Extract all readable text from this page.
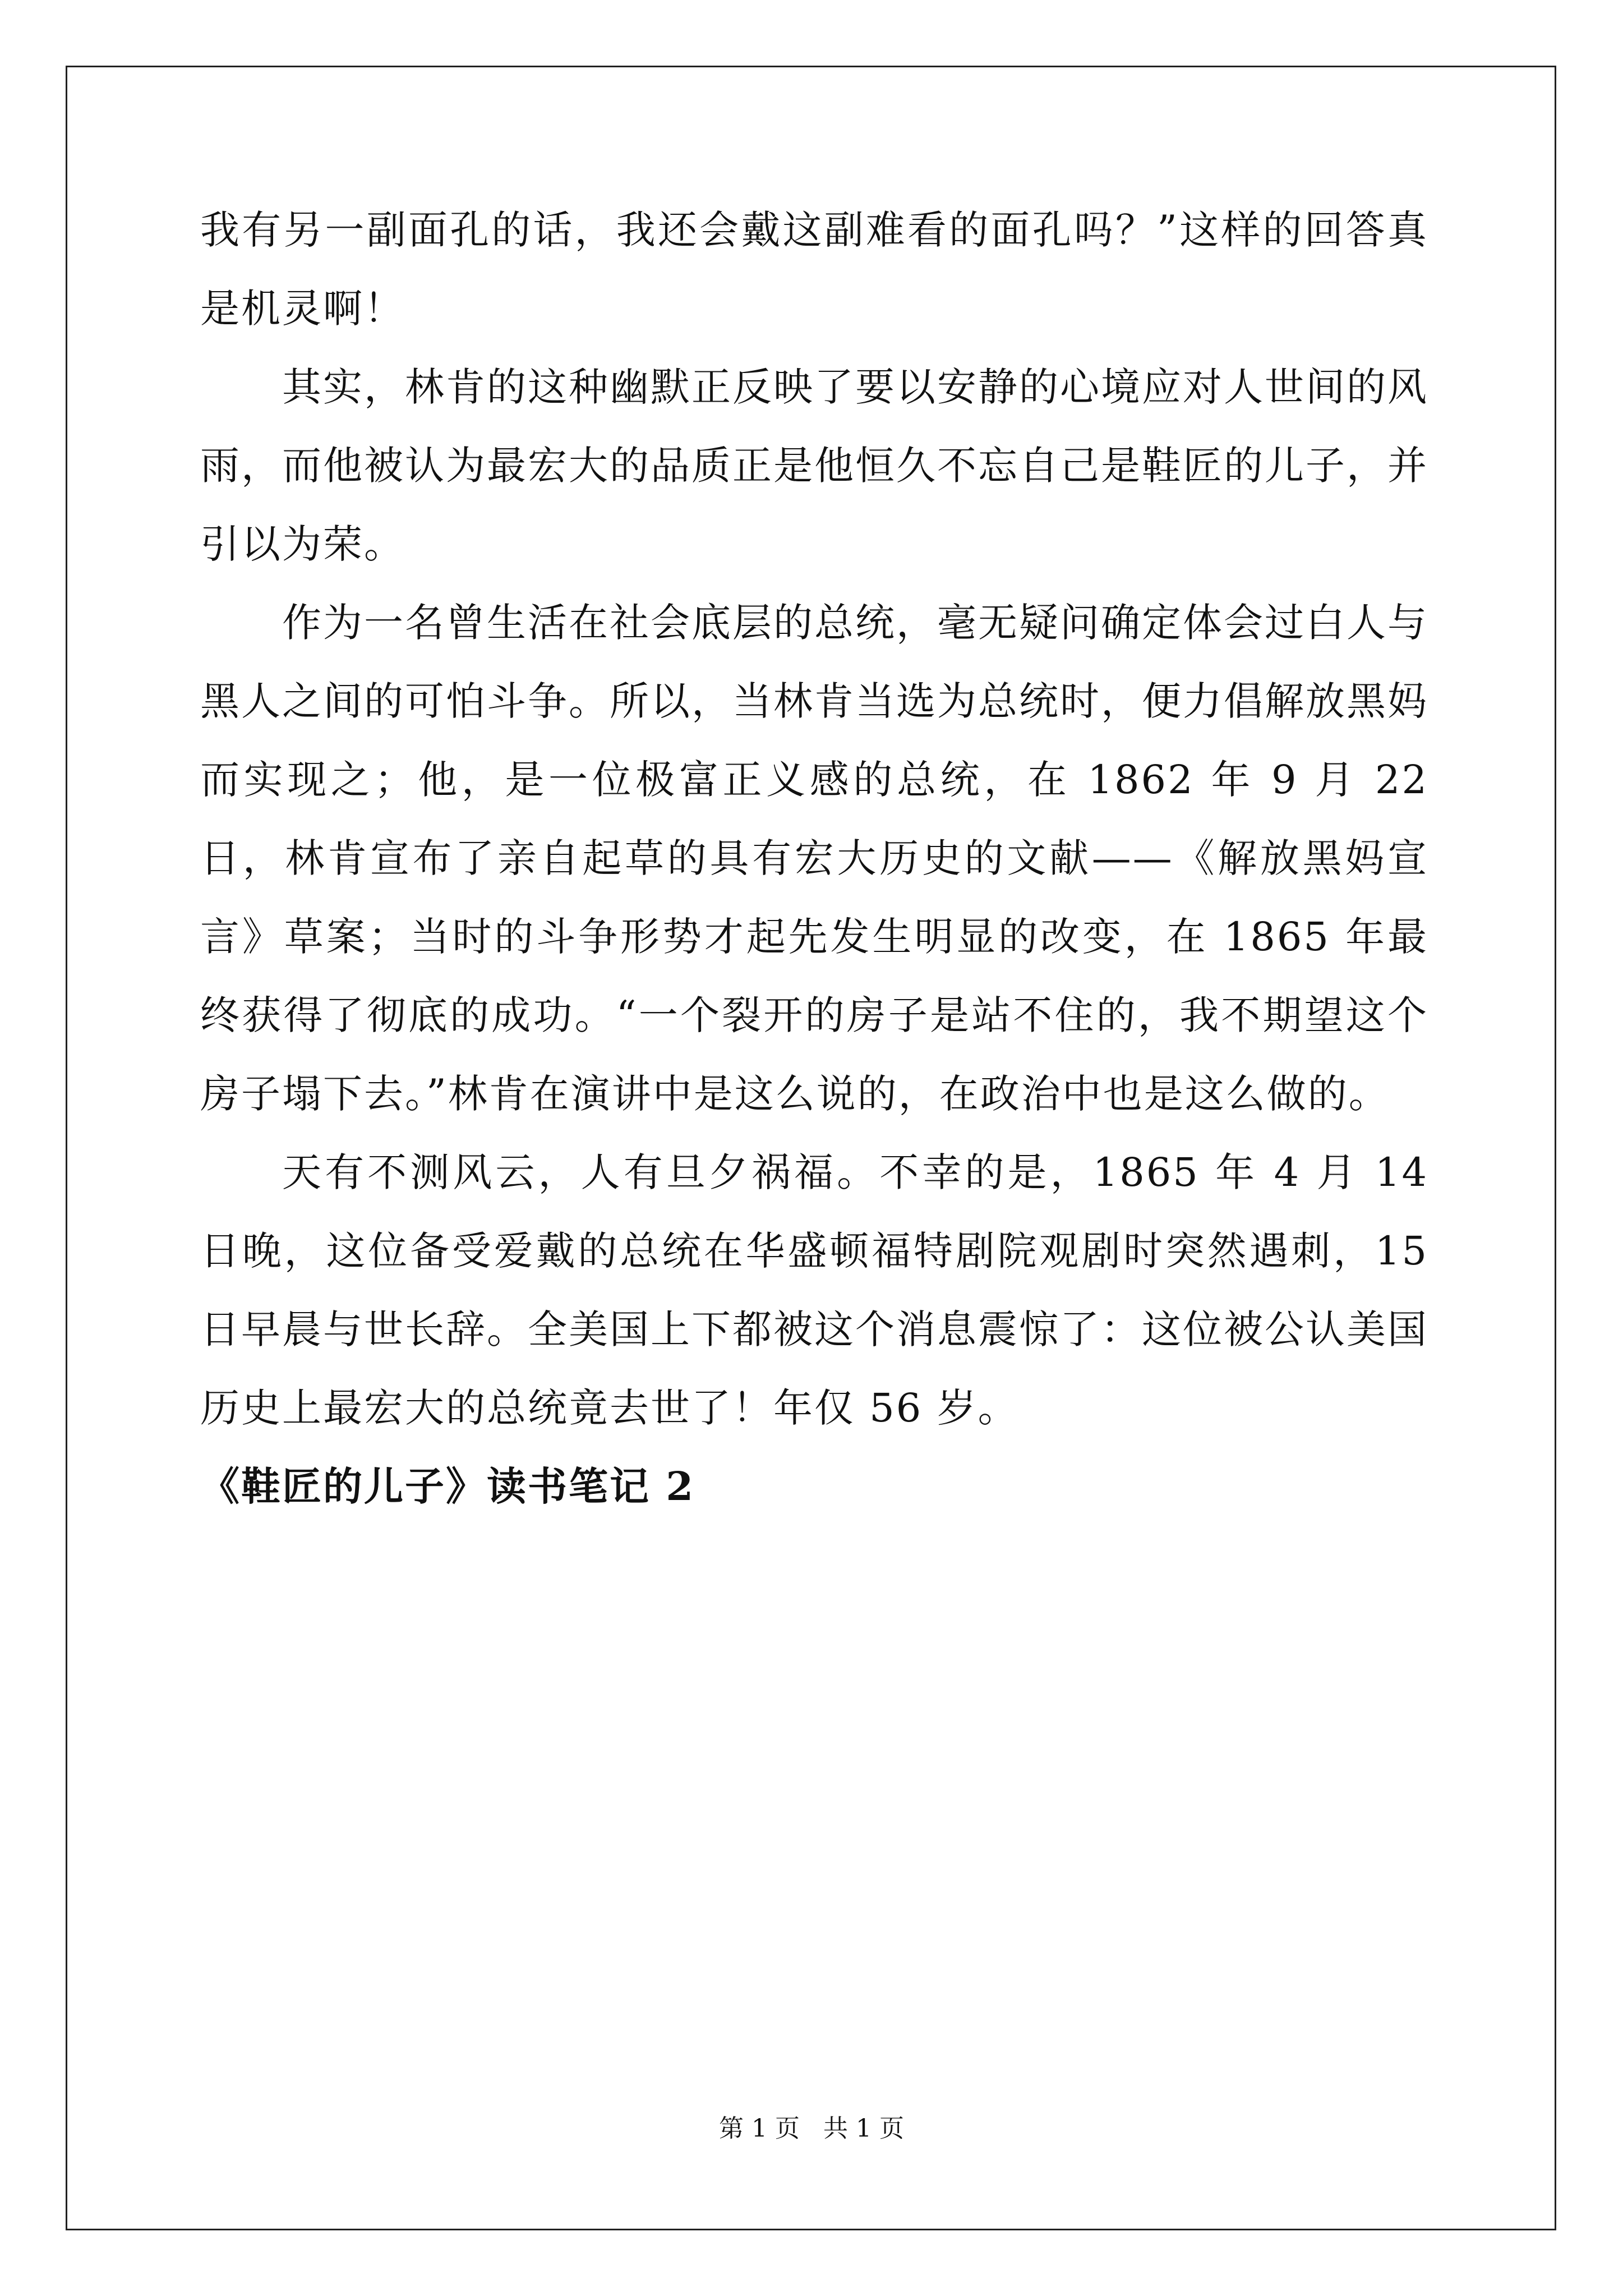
我有另一副面孔的话，我还会戴这副难看的面孔吗？”这样的回答真是机灵啊！

其实，林肯的这种幽默正反映了要以安静的心境应对人世间的风雨，而他被认为最宏大的品质正是他恒久不忘自己是鞋匠的儿子，并引以为荣。

作为一名曾生活在社会底层的总统，毫无疑问确定体会过白人与黑人之间的可怕斗争。所以，当林肯当选为总统时，便力倡解放黑妈而实现之；他，是一位极富正义感的总统，在 1862 年 9 月 22 日，林肯宣布了亲自起草的具有宏大历史的文献——《解放黑妈宣言》草案；当时的斗争形势才起先发生明显的改变，在 1865 年最终获得了彻底的成功。“一个裂开的房子是站不住的，我不期望这个房子塌下去。”林肯在演讲中是这么说的，在政治中也是这么做的。

天有不测风云，人有旦夕祸福。不幸的是，1865 年 4 月 14 日晚，这位备受爱戴的总统在华盛顿福特剧院观剧时突然遇刺，15 日早晨与世长辞。全美国上下都被这个消息震惊了：这位被公认美国历史上最宏大的总统竟去世了！年仅 56 岁。

《鞋匠的儿子》读书笔记 2
第 1 页   共 1 页
